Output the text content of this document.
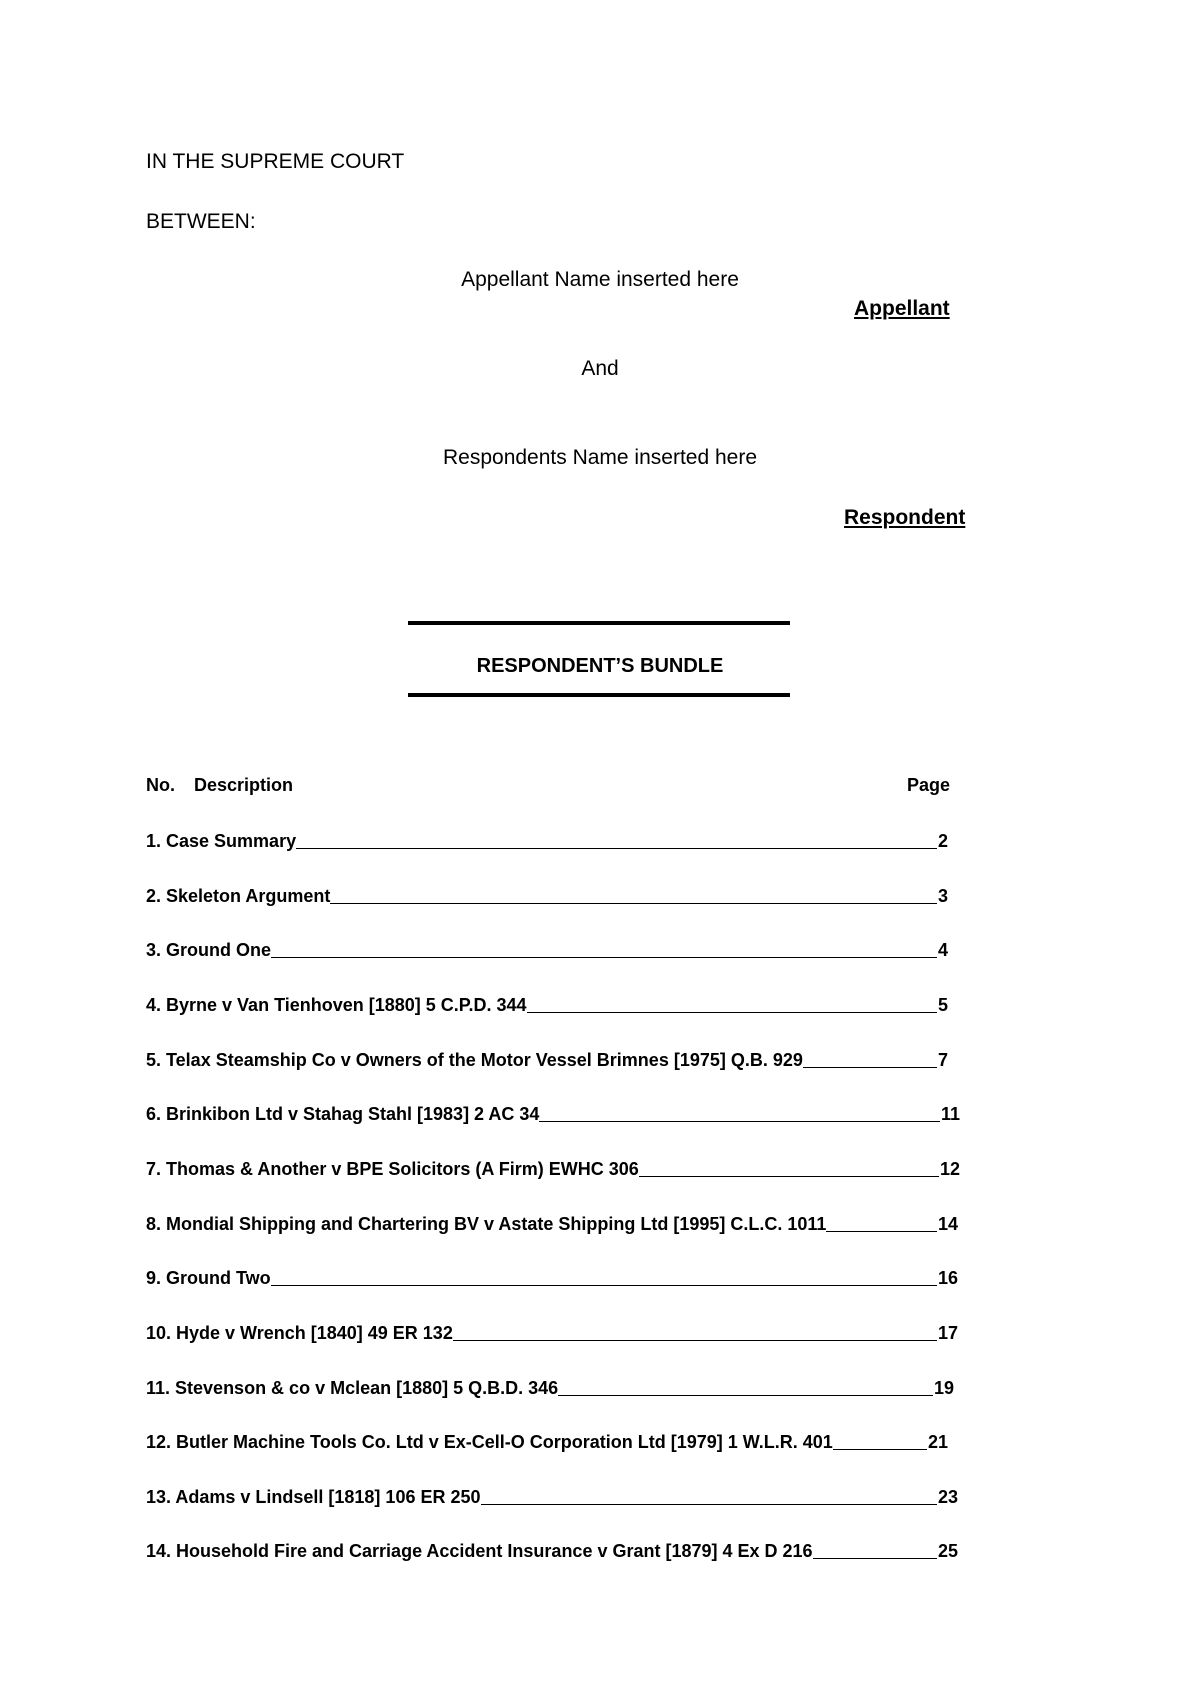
IN THE SUPREME COURT
BETWEEN:
Appellant Name inserted here
Appellant
And
Respondents Name inserted here
Respondent
RESPONDENT’S BUNDLE
No. Description	Page
1. Case Summary	2
2. Skeleton Argument	3
3. Ground One	4
4. Byrne v Van Tienhoven [1880] 5 C.P.D. 344	5
5. Telax Steamship Co v Owners of the Motor Vessel Brimnes [1975] Q.B. 929	7
6. Brinkibon Ltd v Stahag Stahl [1983] 2 AC 34	11
7. Thomas & Another v BPE Solicitors (A Firm) EWHC 306	12
8. Mondial Shipping and Chartering BV v Astate Shipping Ltd [1995] C.L.C. 1011	14
9. Ground Two	16
10. Hyde v Wrench [1840] 49 ER 132	17
11. Stevenson & co v Mclean [1880] 5 Q.B.D. 346	19
12. Butler Machine Tools Co. Ltd v Ex-Cell-O Corporation Ltd [1979] 1 W.L.R. 401	21
13. Adams v Lindsell [1818] 106 ER 250	23
14. Household Fire and Carriage Accident Insurance v Grant [1879] 4 Ex D 216	25
